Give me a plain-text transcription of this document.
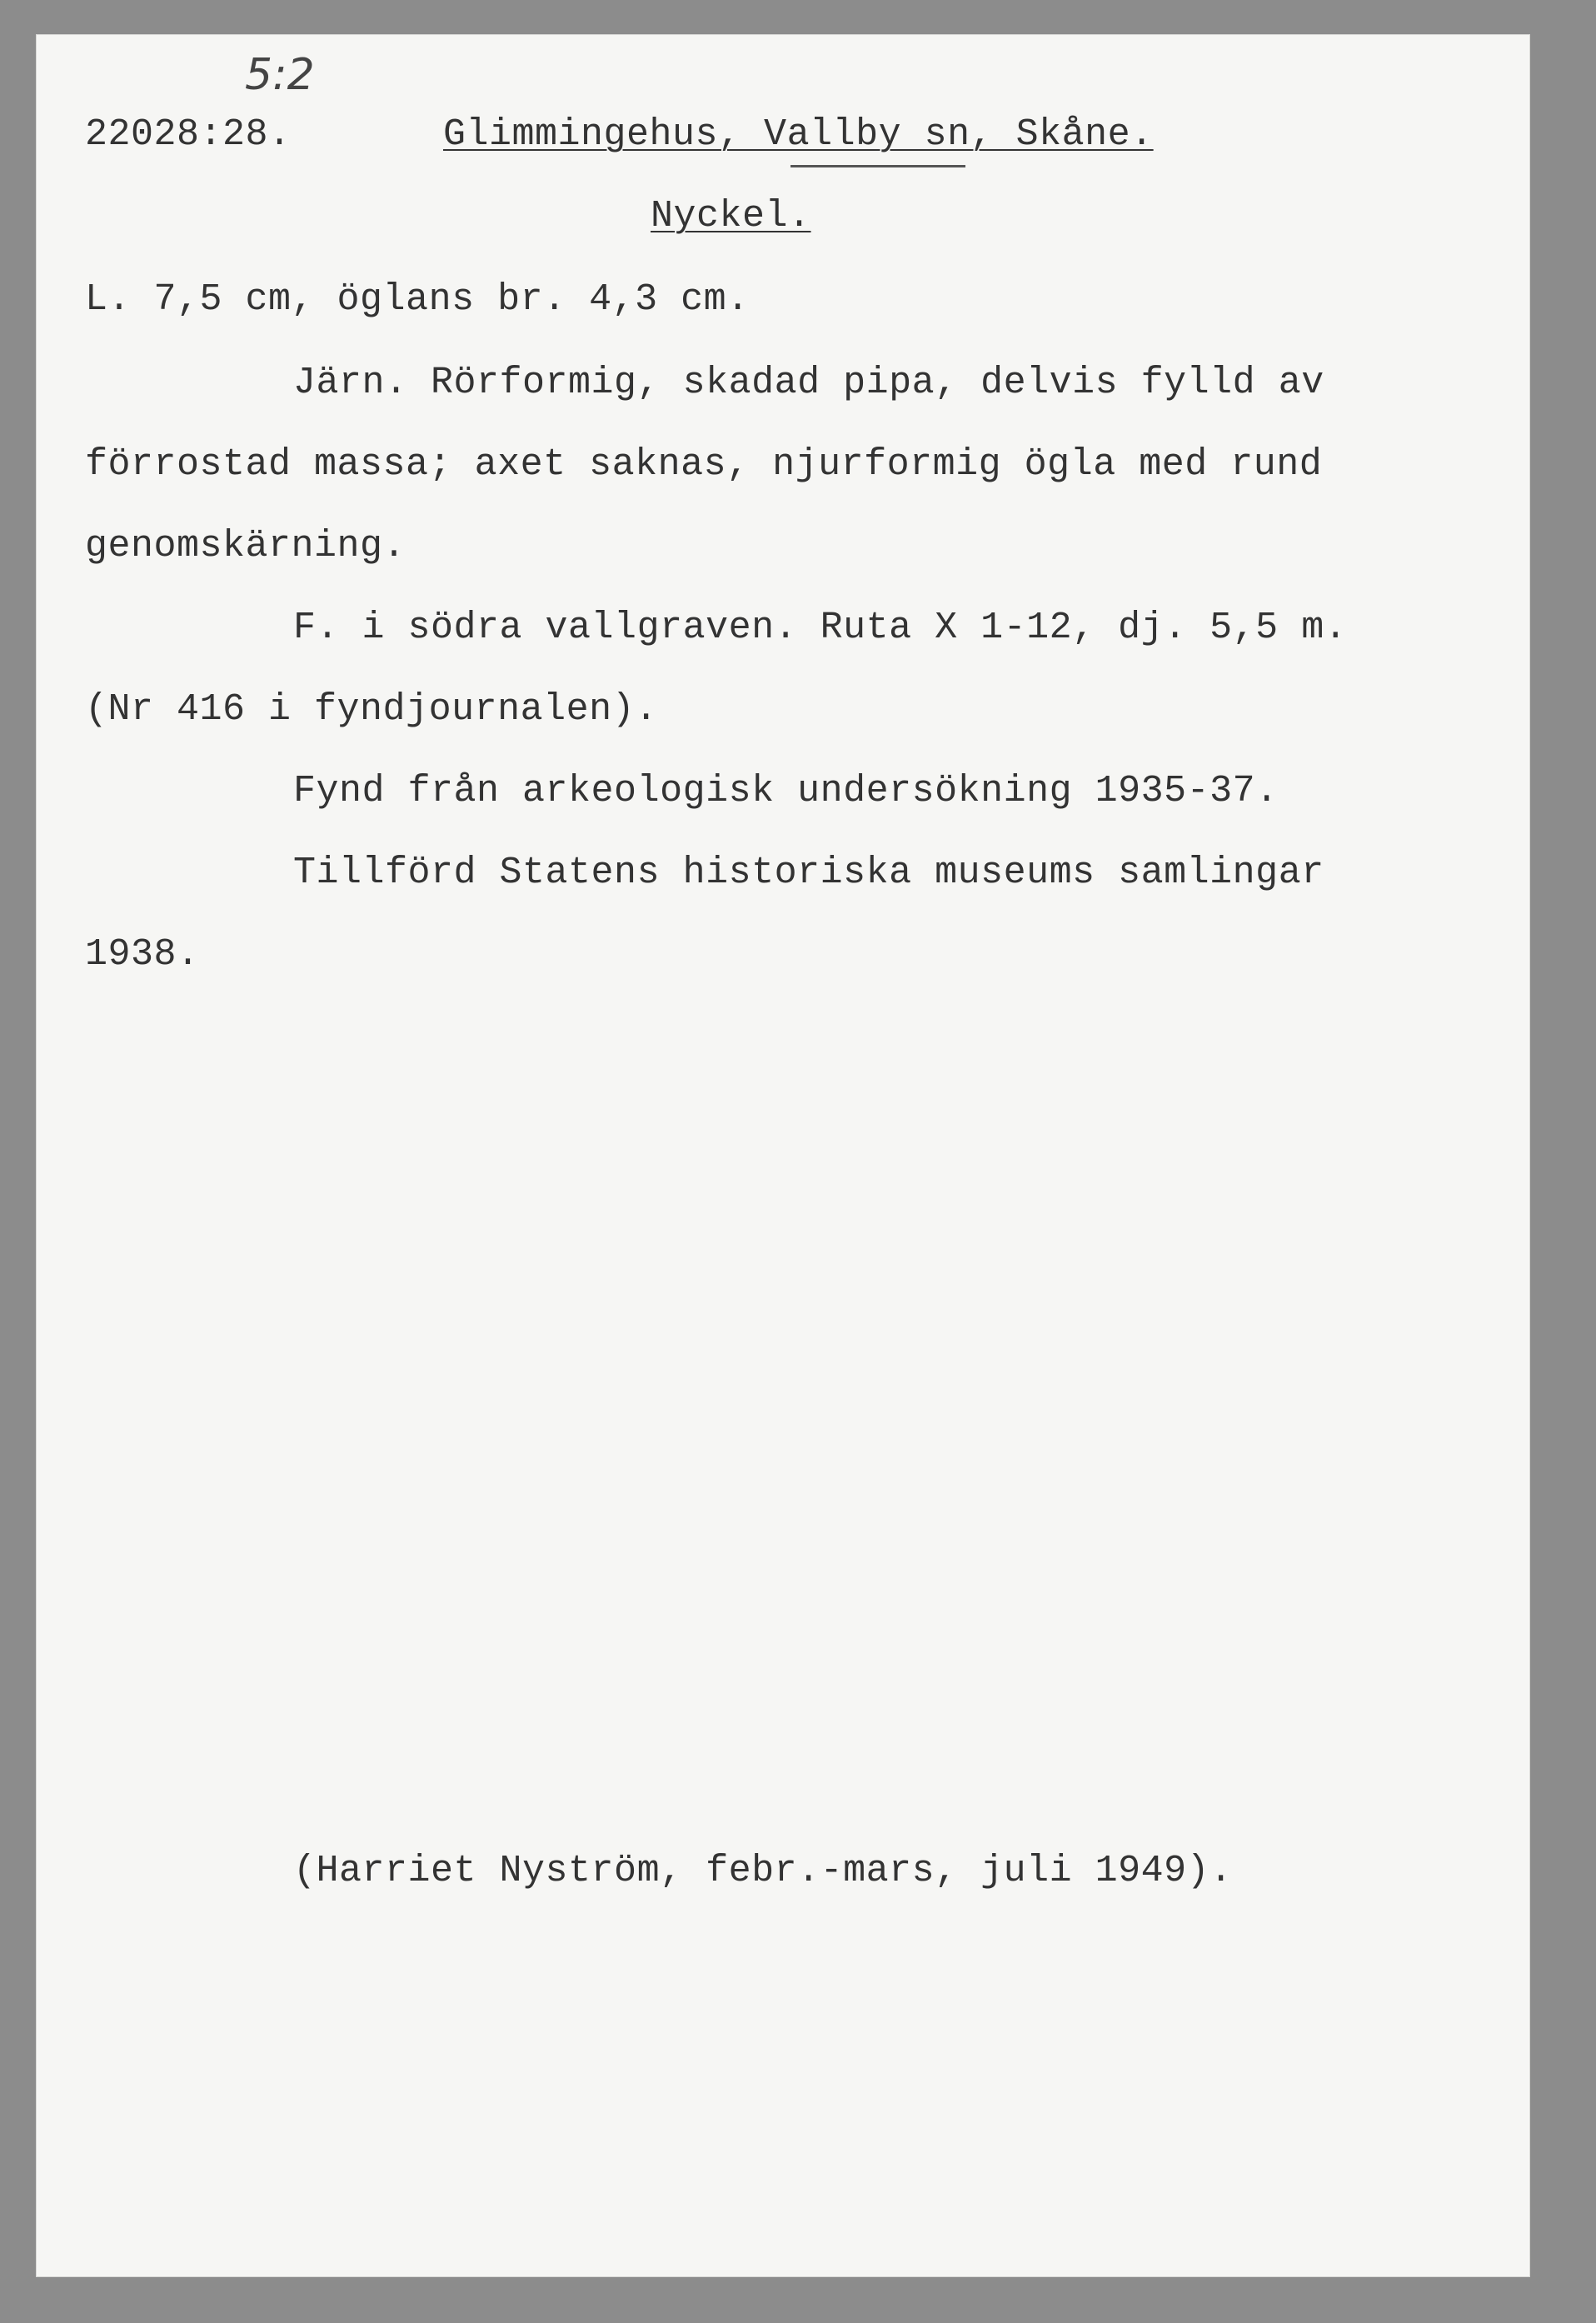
5:2
22028:28.	Glimmingehus, Vallby sn, Skåne.
Nyckel.
L. 7,5 cm, öglans br. 4,3 cm.
Järn. Rörformig, skadad pipa, delvis fylld av
förrostad massa; axet saknas, njurformig ögla med rund
genomskärning.
F. i södra vallgraven. Ruta X 1-12, dj. 5,5 m.
(Nr 416 i fyndjournalen).
Fynd från arkeologisk undersökning 1935-37.
Tillförd Statens historiska museums samlingar
1938.
(Harriet Nyström, febr.-mars, juli 1949).
